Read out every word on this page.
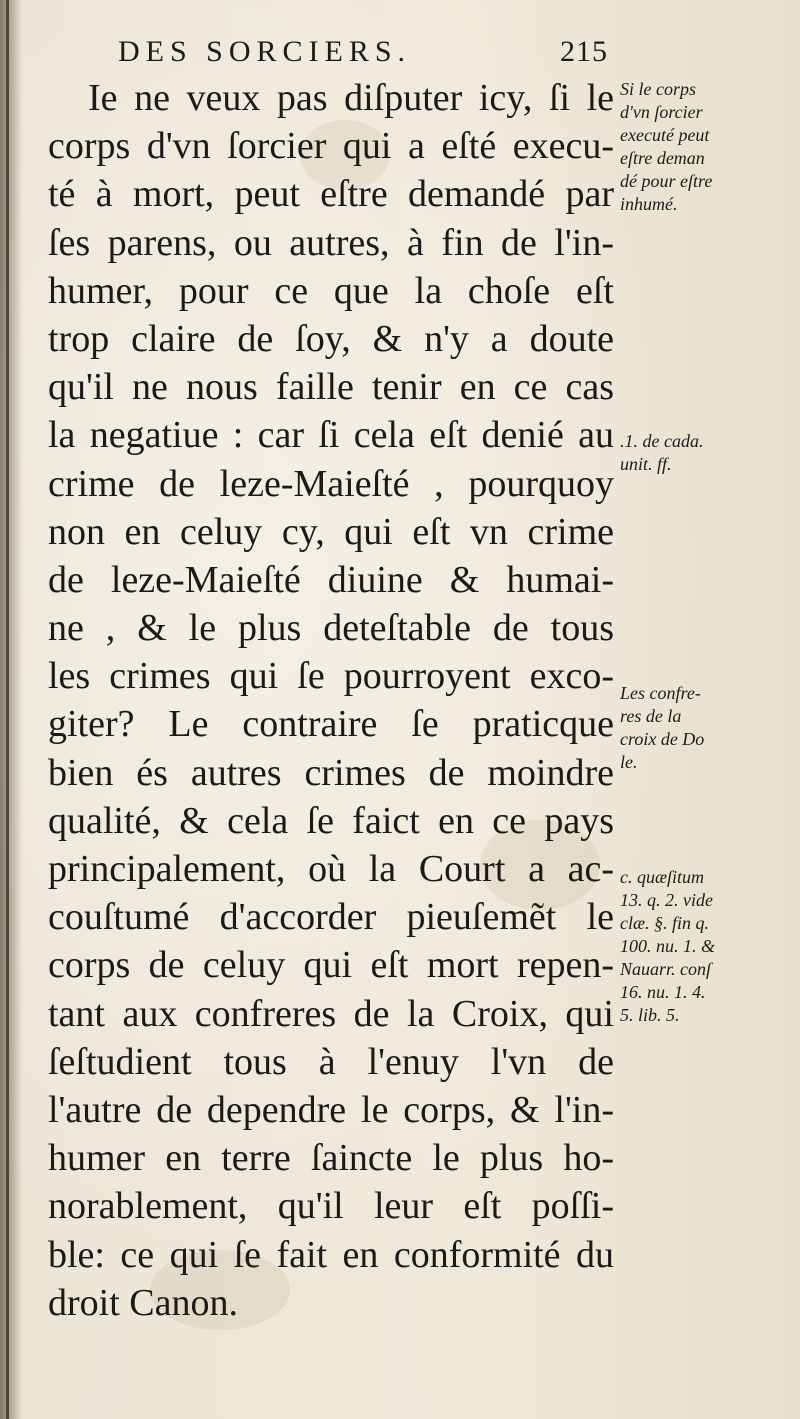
DES SORCIERS.	215
Ie ne veux pas diſputer icy, ſi le
corps d'vn ſorcier qui a eſté execu-
té à mort, peut eſtre demandé par
ſes parens, ou autres, à fin de l'in-
humer, pour ce que la choſe eſt
trop claire de ſoy, & n'y a doute
qu'il ne nous faille tenir en ce cas
la negatiue : car ſi cela eſt denié au
crime de leze-Maieſté , pourquoy
non en celuy cy, qui eſt vn crime
de leze-Maieſté diuine & humai-
ne , & le plus deteſtable de tous
les crimes qui ſe pourroyent exco-
giter? Le contraire ſe praticque
bien és autres crimes de moindre
qualité, & cela ſe faict en ce pays
principalement, où la Court a ac-
couſtumé d'accorder pieuſemẽt le
corps de celuy qui eſt mort repen-
tant aux confreres de la Croix, qui
ſeſtudient tous à l'enuy l'vn de
l'autre de dependre le corps, & l'in-
humer en terre ſaincte le plus ho-
norablement, qu'il leur eſt poſſi-
ble: ce qui ſe fait en conformité du
droit Canon.
Si le corps
d'vn ſorcier
executé peut
eſtre deman
dé pour eſtre
inhumé.
.1. de cada.
unit. ff.
Les confre-
res de la
croix de Do
le.
c. quæſitum
13. q. 2. vide
clæ. §. fin q.
100. nu. 1. &
Nauarr. conſ
16. nu. 1. 4.
5. lib. 5.
